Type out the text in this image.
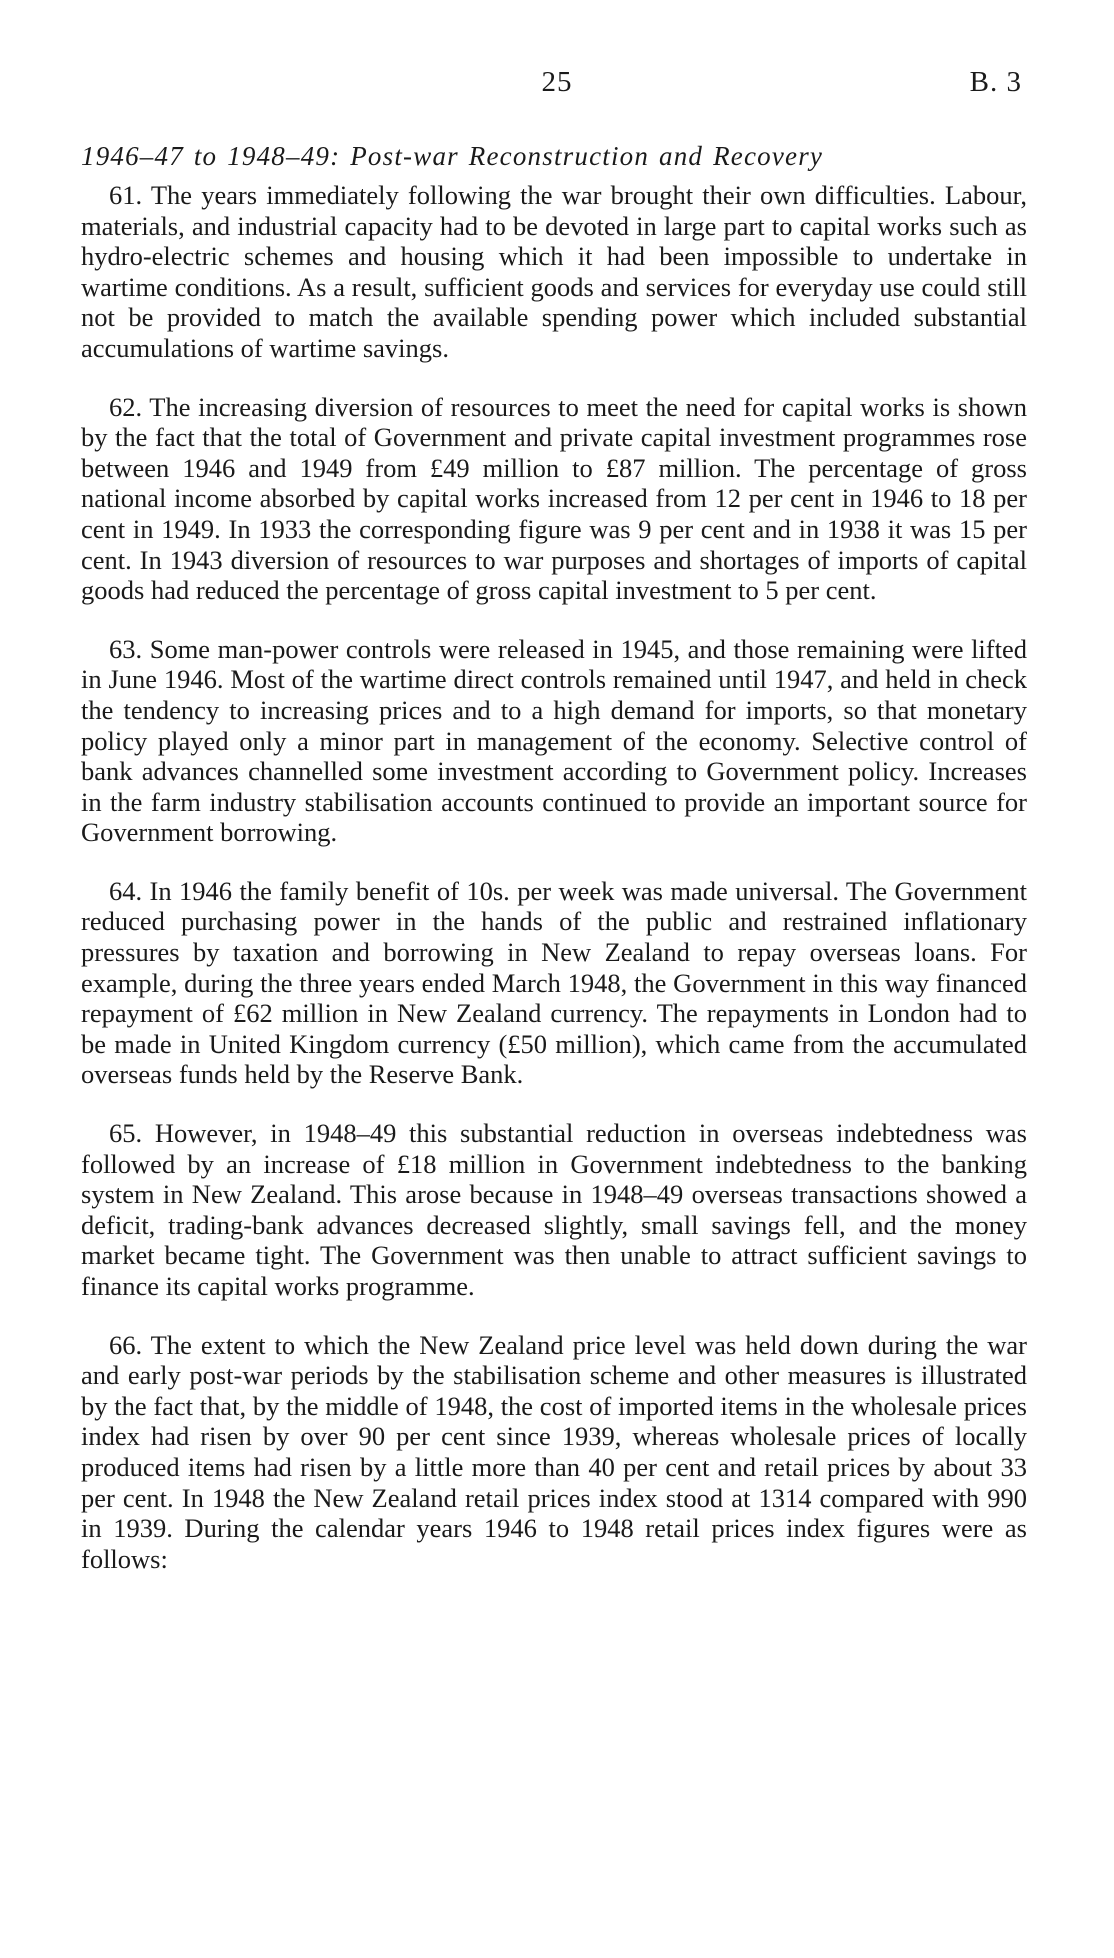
25	B. 3
1946–47 to 1948–49: Post-war Reconstruction and Recovery

61. The years immediately following the war brought their own difficulties. Labour, materials, and industrial capacity had to be devoted in large part to capital works such as hydro-electric schemes and housing which it had been impossible to undertake in wartime conditions. As a result, sufficient goods and services for everyday use could still not be provided to match the available spending power which included substantial accumulations of wartime savings.

62. The increasing diversion of resources to meet the need for capital works is shown by the fact that the total of Government and private capital investment programmes rose between 1946 and 1949 from £49 million to £87 million. The percentage of gross national income absorbed by capital works increased from 12 per cent in 1946 to 18 per cent in 1949. In 1933 the corresponding figure was 9 per cent and in 1938 it was 15 per cent. In 1943 diversion of resources to war purposes and shortages of imports of capital goods had reduced the percentage of gross capital investment to 5 per cent.

63. Some man-power controls were released in 1945, and those remaining were lifted in June 1946. Most of the wartime direct controls remained until 1947, and held in check the tendency to increasing prices and to a high demand for imports, so that monetary policy played only a minor part in management of the economy. Selective control of bank advances channelled some investment according to Government policy. Increases in the farm industry stabilisation accounts continued to provide an important source for Government borrowing.

64. In 1946 the family benefit of 10s. per week was made universal. The Government reduced purchasing power in the hands of the public and restrained inflationary pressures by taxation and borrowing in New Zealand to repay overseas loans. For example, during the three years ended March 1948, the Government in this way financed repayment of £62 million in New Zealand currency. The repayments in London had to be made in United Kingdom currency (£50 million), which came from the accumulated overseas funds held by the Reserve Bank.

65. However, in 1948–49 this substantial reduction in overseas indebtedness was followed by an increase of £18 million in Government indebtedness to the banking system in New Zealand. This arose because in 1948–49 overseas transactions showed a deficit, trading-bank advances decreased slightly, small savings fell, and the money market became tight. The Government was then unable to attract sufficient savings to finance its capital works programme.

66. The extent to which the New Zealand price level was held down during the war and early post-war periods by the stabilisation scheme and other measures is illustrated by the fact that, by the middle of 1948, the cost of imported items in the wholesale prices index had risen by over 90 per cent since 1939, whereas wholesale prices of locally produced items had risen by a little more than 40 per cent and retail prices by about 33 per cent. In 1948 the New Zealand retail prices index stood at 1314 compared with 990 in 1939. During the calendar years 1946 to 1948 retail prices index figures were as follows:
